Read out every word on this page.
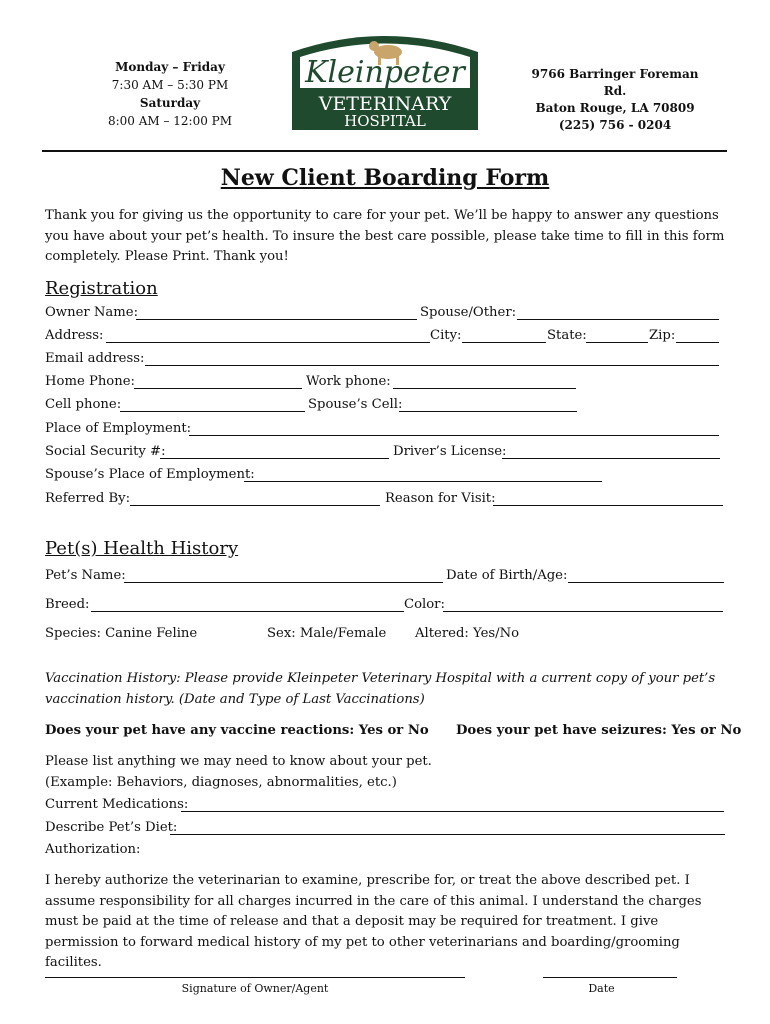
Monday – Friday
7:30 AM – 5:30 PM
Saturday
8:00 AM – 12:00 PM
Kleinpeter
VETERINARY
HOSPITAL
9766 Barringer Foreman Rd.
Baton Rouge, LA 70809
(225) 756 - 0204
New Client Boarding Form
Thank you for giving us the opportunity to care for your pet. We’ll be happy to answer any questions you have about your pet’s health. To insure the best care possible, please take time to fill in this form completely. Please Print. Thank you!
Registration
Owner Name:	Spouse/Other:
Address:	City:	State:	Zip:
Email address:
Home Phone:	Work phone:
Cell phone:	Spouse’s Cell:
Place of Employment:
Social Security #:	Driver’s License:
Spouse’s Place of Employment:
Referred By:	Reason for Visit:
Pet(s) Health History
Pet’s Name:	Date of Birth/Age:
Breed:	Color:
Species: Canine Feline	Sex: Male/Female Altered: Yes/No
Vaccination History: Please provide Kleinpeter Veterinary Hospital with a current copy of your pet’s vaccination history. (Date and Type of Last Vaccinations)
Does your pet have any vaccine reactions: Yes or No Does your pet have seizures: Yes or No
Please list anything we may need to know about your pet.
(Example: Behaviors, diagnoses, abnormalities, etc.)
Current Medications:
Describe Pet’s Diet:
Authorization:
I hereby authorize the veterinarian to examine, prescribe for, or treat the above described pet. I assume responsibility for all charges incurred in the care of this animal. I understand the charges must be paid at the time of release and that a deposit may be required for treatment. I give permission to forward medical history of my pet to other veterinarians and boarding/grooming facilites.
Signature of Owner/Agent	Date
